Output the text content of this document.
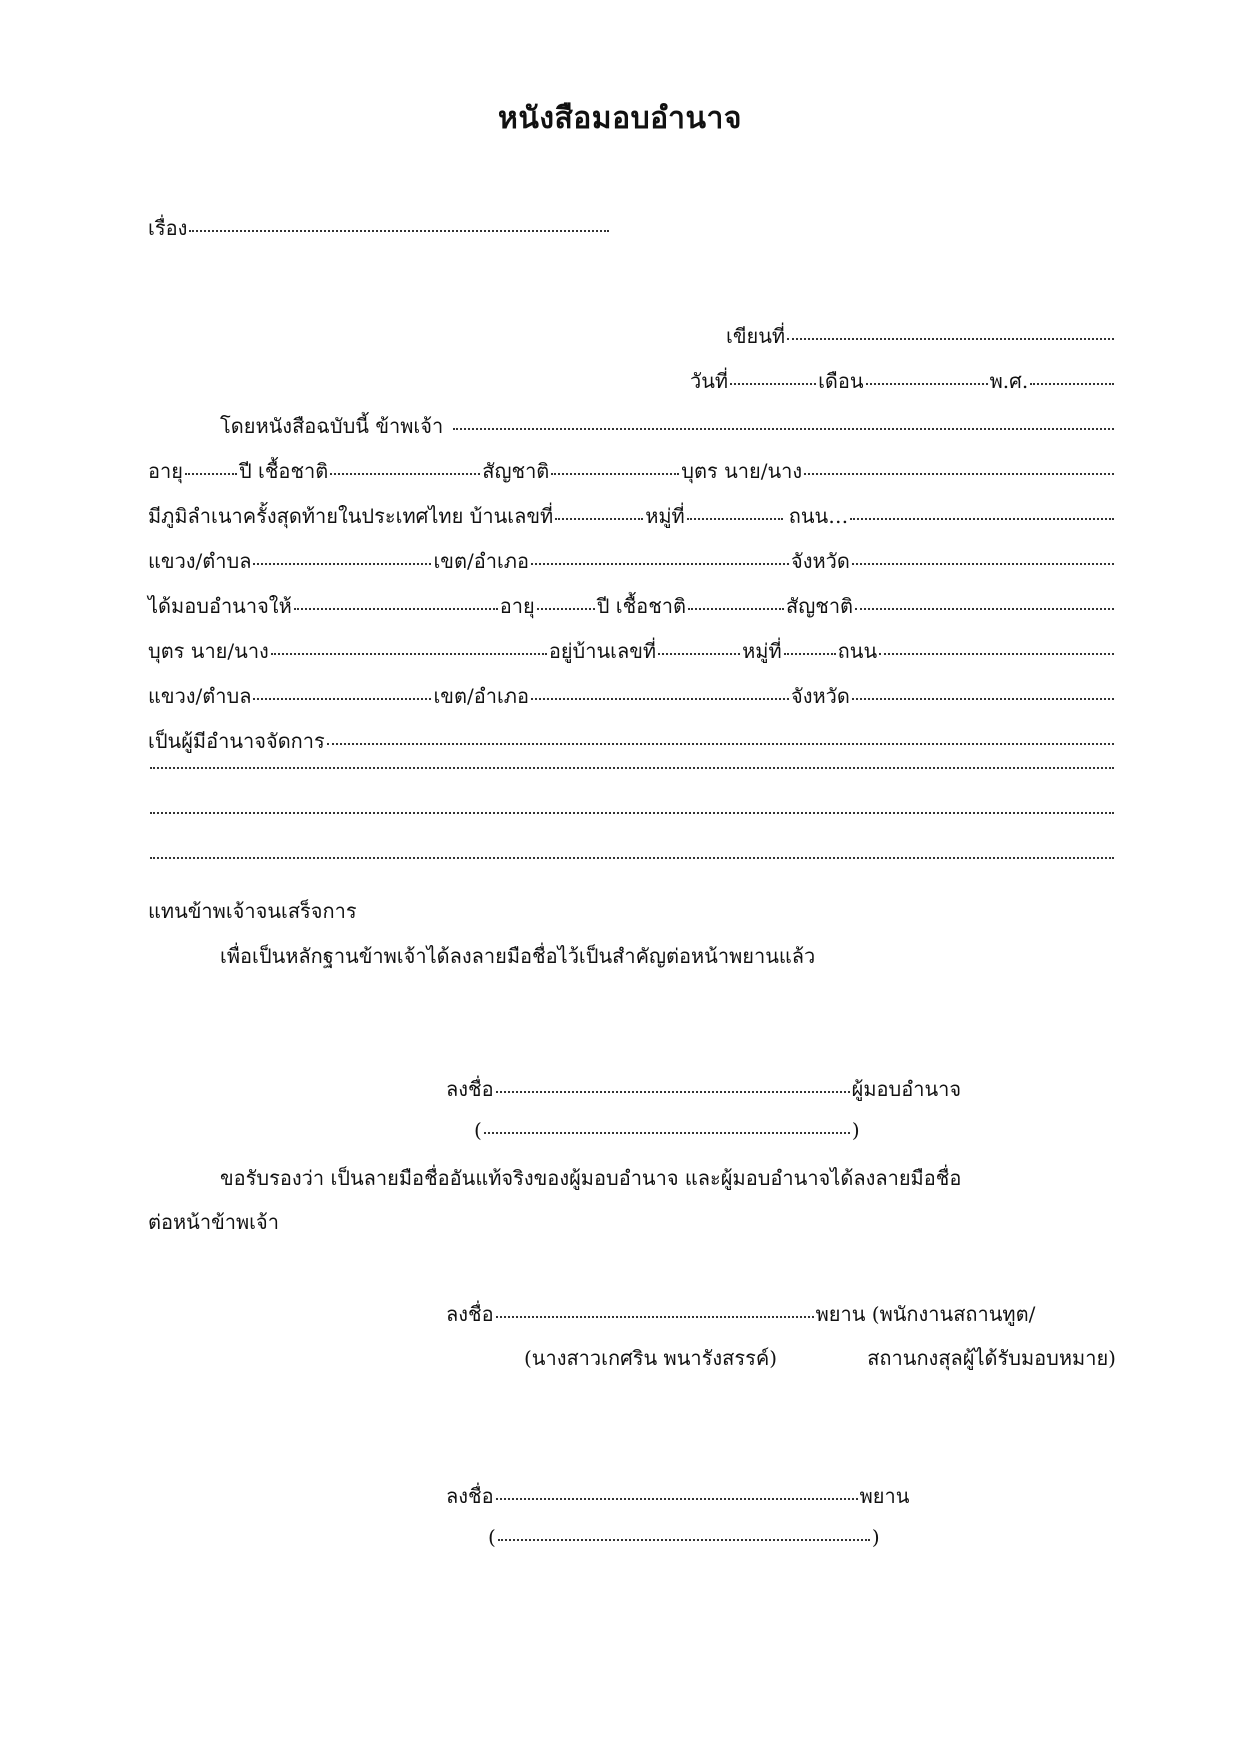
หนังสือมอบอำนาจ
เรื่อง
เขียนที่
วันที่	เดือน	พ.ศ.
โดยหนังสือฉบับนี้ ข้าพเจ้า
อายุ	ปี เชื้อชาติ	สัญชาติ	บุตร นาย/นาง
มีภูมิลำเนาครั้งสุดท้ายในประเทศไทย บ้านเลขที่	หมู่ที่	ถนน…
แขวง/ตำบล	เขต/อำเภอ	จังหวัด
ได้มอบอำนาจให้	อายุ	ปี เชื้อชาติ	สัญชาติ
บุตร นาย/นาง	อยู่บ้านเลขที่	หมู่ที่	ถนน
แขวง/ตำบล	เขต/อำเภอ	จังหวัด
เป็นผู้มีอำนาจจัดการ
แทนข้าพเจ้าจนเสร็จการ
เพื่อเป็นหลักฐานข้าพเจ้าได้ลงลายมือชื่อไว้เป็นสำคัญต่อหน้าพยานแล้ว
ลงชื่อ	ผู้มอบอำนาจ
(	)
ขอรับรองว่า เป็นลายมือชื่ออันแท้จริงของผู้มอบอำนาจ และผู้มอบอำนาจได้ลงลายมือชื่อ
ต่อหน้าข้าพเจ้า
ลงชื่อ	พยาน (พนักงานสถานทูต/
(นางสาวเกศริน พนารังสรรค์)	สถานกงสุลผู้ได้รับมอบหมาย)
ลงชื่อ	พยาน
(	)
